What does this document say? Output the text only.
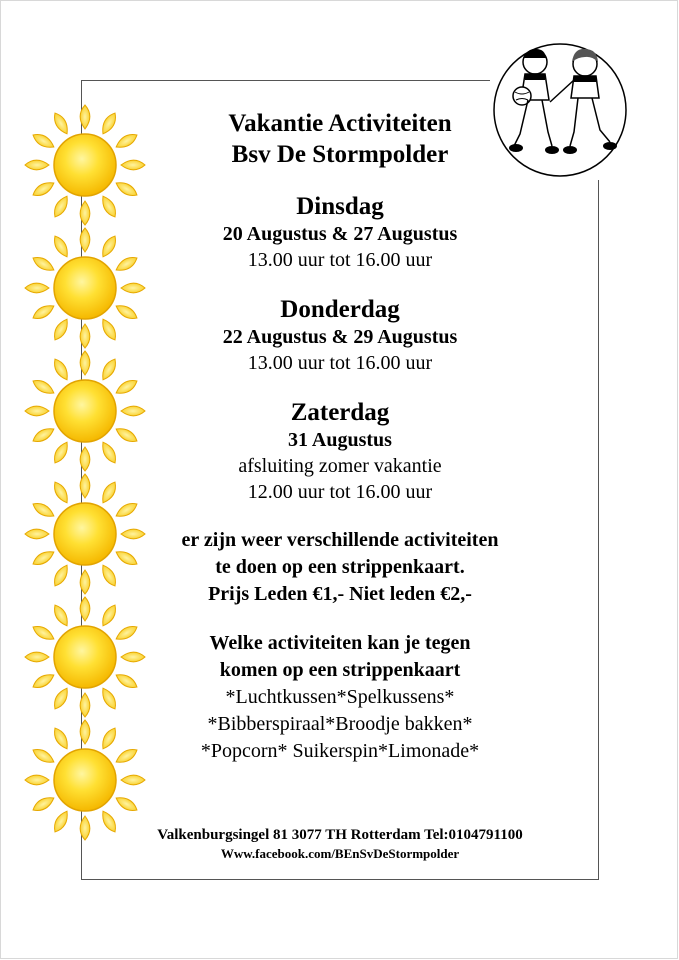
Vakantie Activiteiten
Bsv De Stormpolder
Dinsdag
20 Augustus & 27 Augustus
13.00 uur tot 16.00 uur
Donderdag
22 Augustus & 29 Augustus
13.00 uur tot 16.00 uur
Zaterdag
31 Augustus
afsluiting zomer vakantie
12.00 uur tot 16.00 uur
er zijn weer verschillende activiteiten
te doen op een strippenkaart.
Prijs Leden €1,- Niet leden €2,-
Welke activiteiten kan je tegen
komen op een strippenkaart
*Luchtkussen*Spelkussens*
*Bibberspiraal*Broodje bakken*
*Popcorn* Suikerspin*Limonade*
Valkenburgsingel 81 3077 TH Rotterdam Tel:0104791100
Www.facebook.com/BEnSvDeStormpolder
